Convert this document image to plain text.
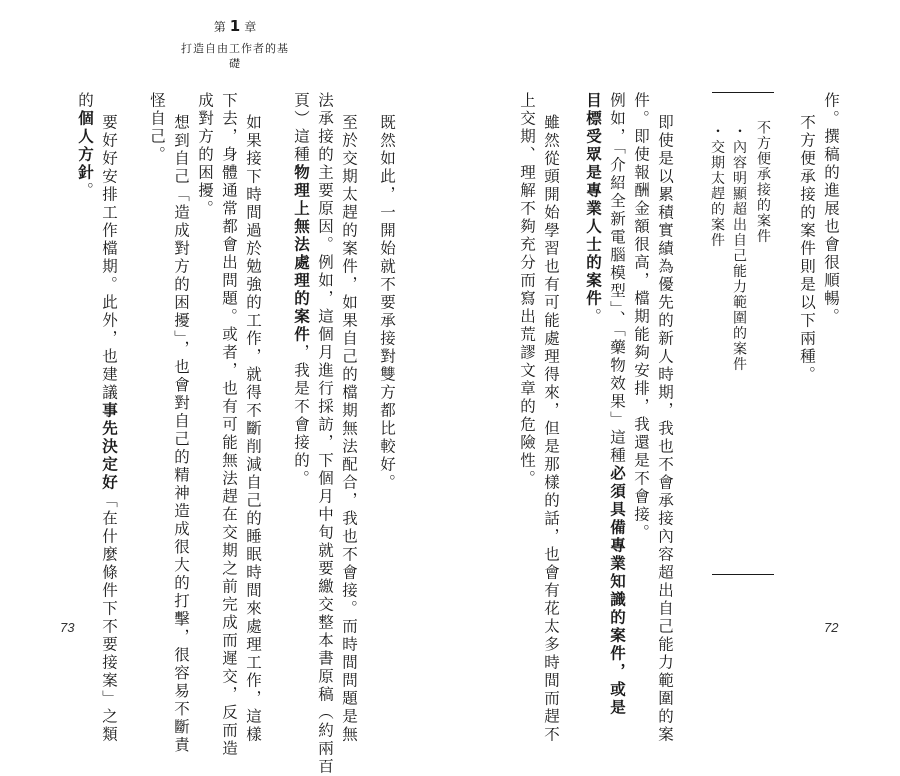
第 1 章
打造自由工作者的基礎
作。撰稿的進展也會很順暢。
不方便承接的案件則是以下兩種。
不方便承接的案件
・內容明顯超出自己能力範圍的案件
・交期太趕的案件
即使是以累積實績為優先的新人時期，我也不會承接內容超出自己能力範圍的案
件。即使報酬金額很高，檔期能夠安排，我還是不會接。
例如，「介紹全新電腦模型」、「藥物效果」這種必須具備專業知識的案件，或是
目標受眾是專業人士的案件。
雖然從頭開始學習也有可能處理得來，但是那樣的話，也會有花太多時間而趕不
上交期、理解不夠充分而寫出荒謬文章的危險性。
既然如此，一開始就不要承接對雙方都比較好。
至於交期太趕的案件，如果自己的檔期無法配合，我也不會接。而時間問題是無
法承接的主要原因。例如，這個月進行採訪，下個月中旬就要繳交整本書原稿（約兩百
頁）這種物理上無法處理的案件，我是不會接的。
如果接下時間過於勉強的工作，就得不斷削減自己的睡眠時間來處理工作，這樣
下去，身體通常都會出問題。或者，也有可能無法趕在交期之前完成而遲交，反而造
成對方的困擾。
想到自己「造成對方的困擾」，也會對自己的精神造成很大的打擊，很容易不斷責
怪自己。
要好好安排工作檔期。此外，也建議事先決定好「在什麼條件下不要接案」之類
的個人方針。
73	72
